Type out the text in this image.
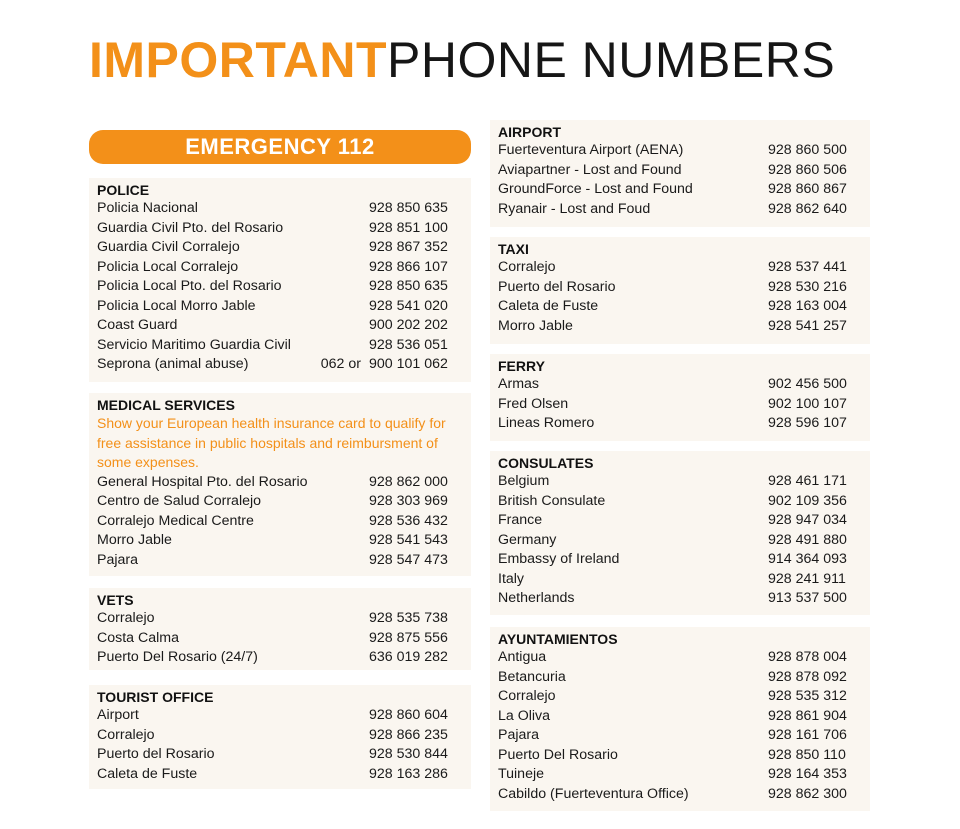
IMPORTANTPHONE NUMBERS
EMERGENCY 112
POLICE
Policia Nacional	928 850 635
Guardia Civil Pto. del Rosario	928 851 100
Guardia Civil Corralejo	928 867 352
Policia Local Corralejo	928 866 107
Policia Local Pto. del Rosario	928 850 635
Policia Local Morro Jable	928 541 020
Coast Guard	900 202 202
Servicio Maritimo Guardia Civil	928 536 051
Seprona (animal abuse)	062 or 900 101 062
MEDICAL SERVICES
Show your European health insurance card to qualify for free assistance in public hospitals and reimbursment of some expenses.
General Hospital Pto. del Rosario	928 862 000
Centro de Salud Corralejo	928 303 969
Corralejo Medical Centre	928 536 432
Morro Jable	928 541 543
Pajara	928 547 473
VETS
Corralejo	928 535 738
Costa Calma	928 875 556
Puerto Del Rosario (24/7)	636 019 282
TOURIST OFFICE
Airport	928 860 604
Corralejo	928 866 235
Puerto del Rosario	928 530 844
Caleta de Fuste	928 163 286
AIRPORT
Fuerteventura Airport (AENA)	928 860 500
Aviapartner - Lost and Found	928 860 506
GroundForce - Lost and Found	928 860 867
Ryanair - Lost and Foud	928 862 640
TAXI
Corralejo	928 537 441
Puerto del Rosario	928 530 216
Caleta de Fuste	928 163 004
Morro Jable	928 541 257
FERRY
Armas	902 456 500
Fred Olsen	902 100 107
Lineas Romero	928 596 107
CONSULATES
Belgium	928 461 171
British Consulate	902 109 356
France	928 947 034
Germany	928 491 880
Embassy of Ireland	914 364 093
Italy	928 241 911
Netherlands	913 537 500
AYUNTAMIENTOS
Antigua	928 878 004
Betancuria	928 878 092
Corralejo	928 535 312
La Oliva	928 861 904
Pajara	928 161 706
Puerto Del Rosario	928 850 110
Tuineje	928 164 353
Cabildo (Fuerteventura Office)	928 862 300
